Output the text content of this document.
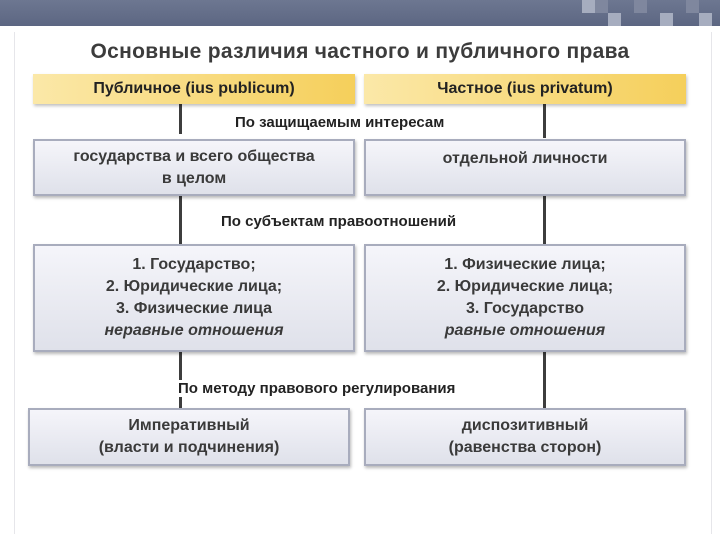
Основные различия частного и публичного права
Публичное (ius publicum)	Частное (ius privatum)
По защищаемым интересам
государства и всего общества
в целом
отдельной личности
По субъектам правоотношений
1. Государство;
2. Юридические лица;
3. Физические лица
неравные отношения
1. Физические лица;
2. Юридические лица;
3. Государство
равные отношения
По методу правового регулирования
Императивный
(власти и подчинения)
диспозитивный
(равенства сторон)
